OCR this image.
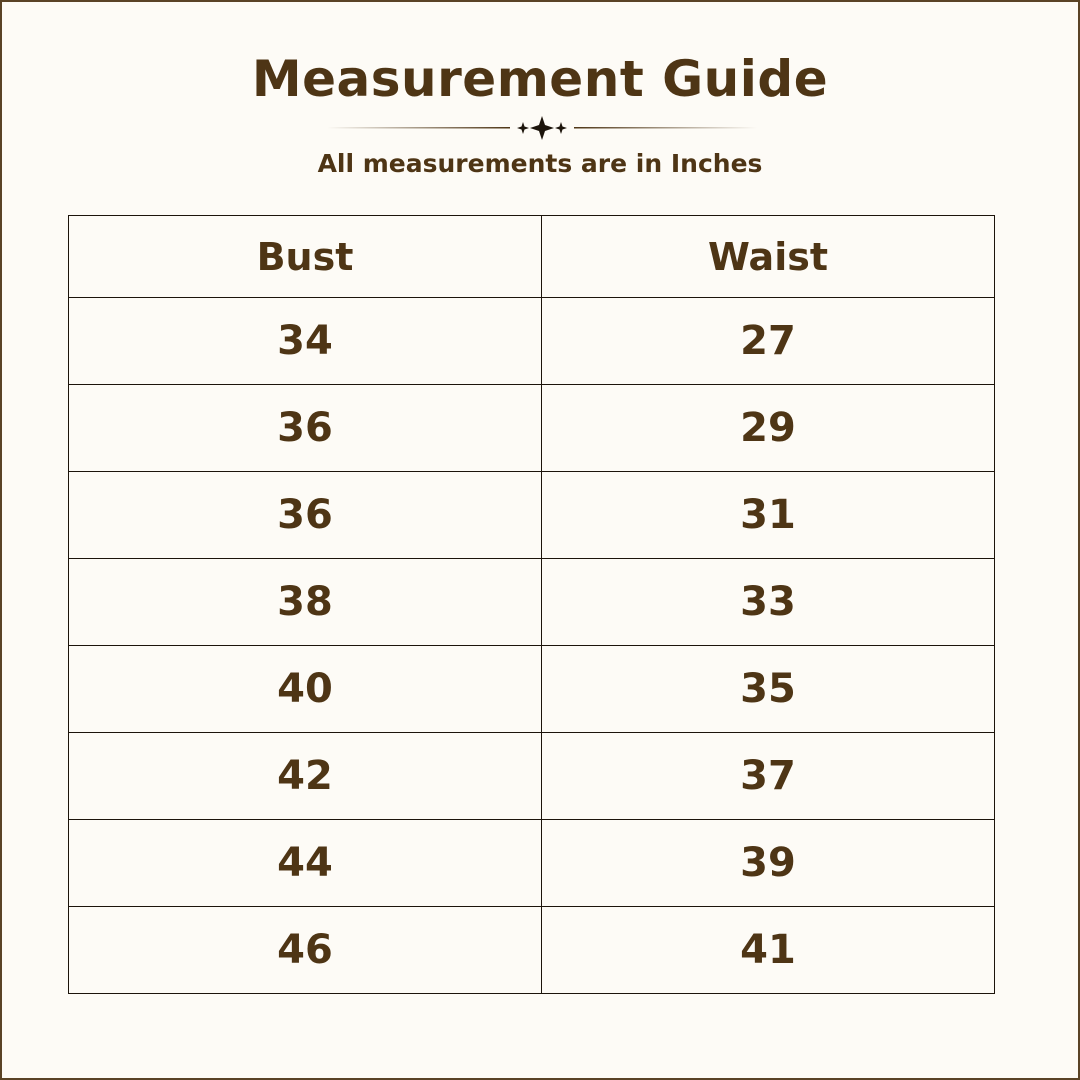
Measurement Guide

All measurements are in Inches

Bust	Waist
34	27
36	29
36	31
38	33
40	35
42	37
44	39
46	41
